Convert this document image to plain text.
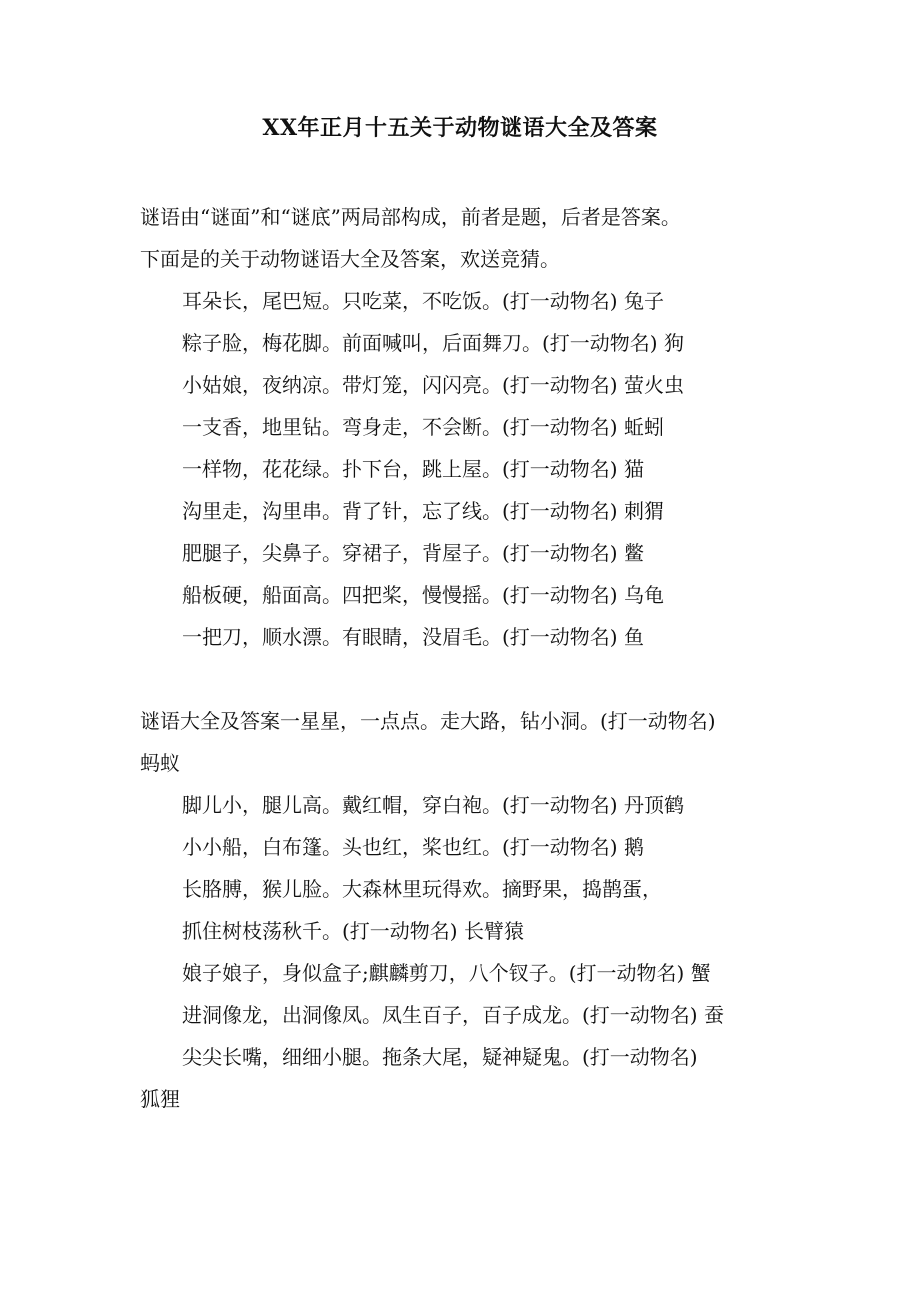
XX年正月十五关于动物谜语大全及答案

谜语由“谜面”和“谜底”两局部构成，前者是题，后者是答案。

下面是的关于动物谜语大全及答案，欢送竞猜。

耳朵长，尾巴短。只吃菜，不吃饭。(打一动物名) 兔子

粽子脸，梅花脚。前面喊叫，后面舞刀。(打一动物名) 狗

小姑娘，夜纳凉。带灯笼，闪闪亮。(打一动物名) 萤火虫

一支香，地里钻。弯身走，不会断。(打一动物名) 蚯蚓

一样物，花花绿。扑下台，跳上屋。(打一动物名) 猫

沟里走，沟里串。背了针，忘了线。(打一动物名) 刺猬

肥腿子，尖鼻子。穿裙子，背屋子。(打一动物名) 鳖

船板硬，船面高。四把桨，慢慢摇。(打一动物名) 乌龟

一把刀，顺水漂。有眼睛，没眉毛。(打一动物名) 鱼

谜语大全及答案一星星，一点点。走大路，钻小洞。(打一动物名)

蚂蚁

脚儿小，腿儿高。戴红帽，穿白袍。(打一动物名) 丹顶鹤

小小船，白布篷。头也红，桨也红。(打一动物名) 鹅

长胳膊，猴儿脸。大森林里玩得欢。摘野果，捣鹊蛋，

抓住树枝荡秋千。(打一动物名) 长臂猿

娘子娘子，身似盒子;麒麟剪刀，八个钗子。(打一动物名) 蟹

进洞像龙，出洞像凤。凤生百子，百子成龙。(打一动物名) 蚕

尖尖长嘴，细细小腿。拖条大尾，疑神疑鬼。(打一动物名)

狐狸
